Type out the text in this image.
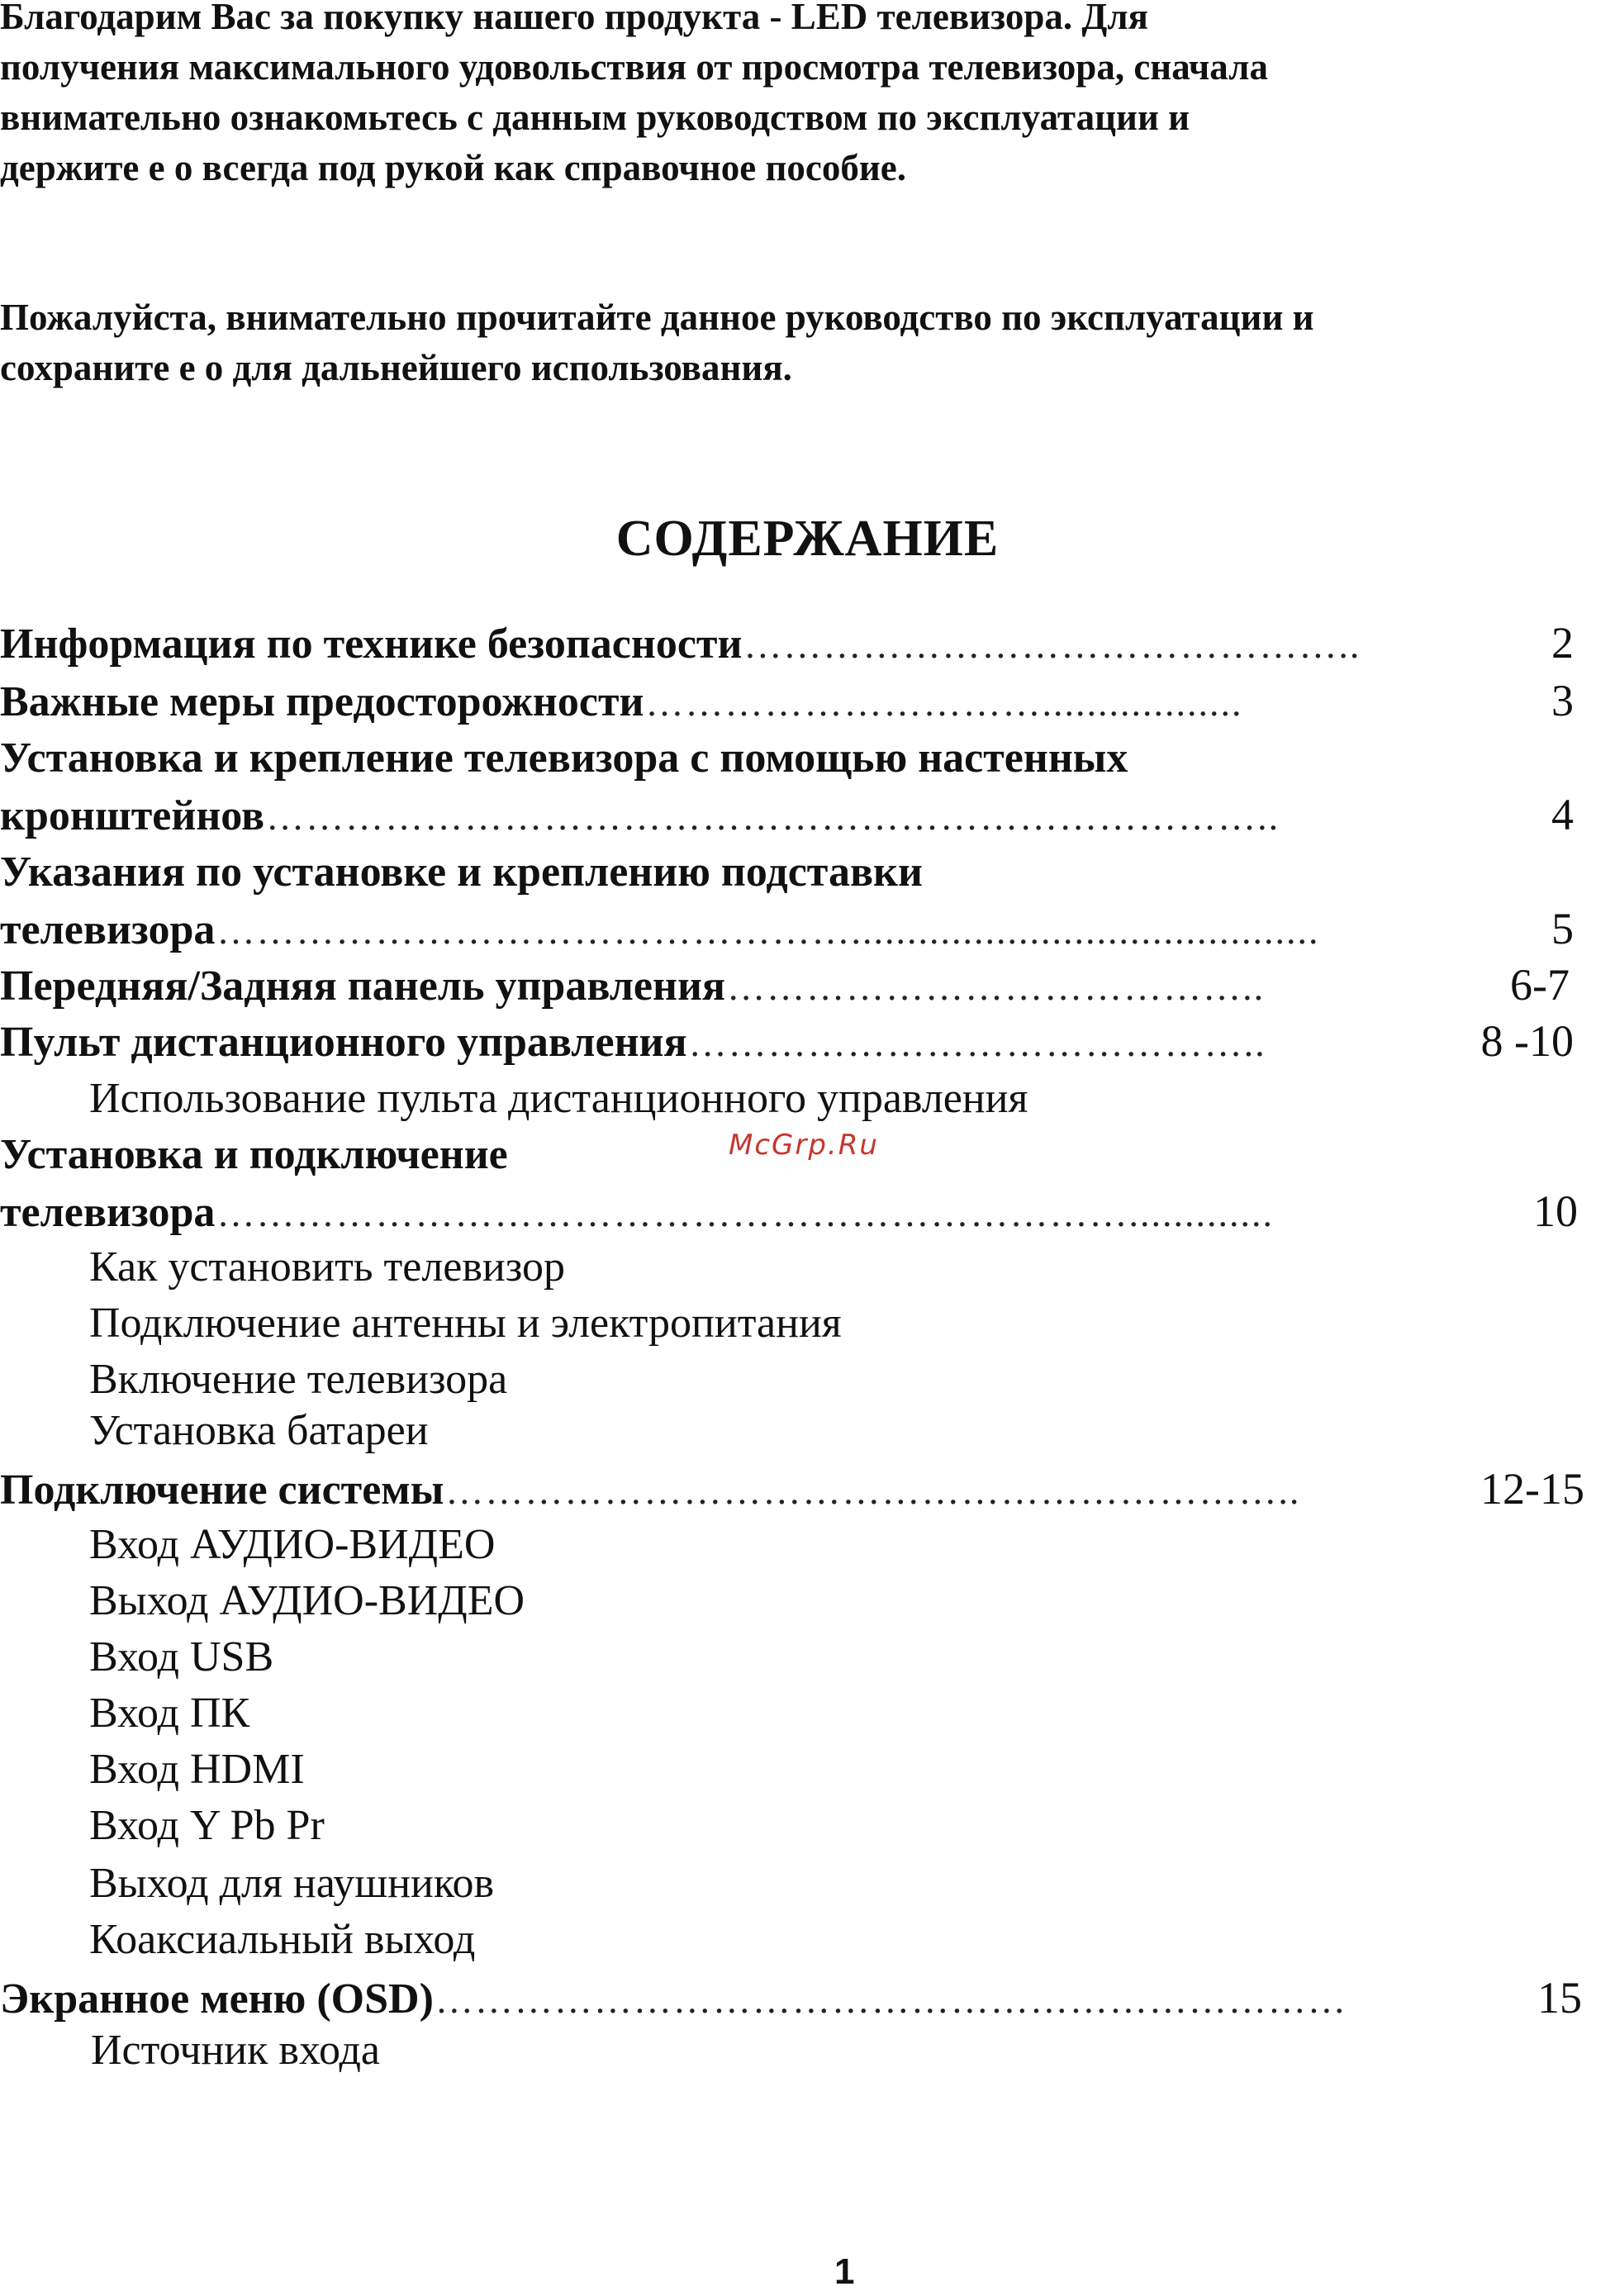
Благодарим Вас за покупку нашего продукта - LED телевизора. Для
получения максимального удовольствия от просмотра телевизора, сначала
внимательно ознакомьтесь с данным руководством по эксплуатации и
держите е о всегда под рукой как справочное пособие.
Пожалуйста, внимательно прочитайте данное руководство по эксплуатации и
сохраните е о для дальнейшего использования.
СОДЕРЖАНИЕ
Информация по технике безопасности ………………………………………..	2
Важные меры предосторожности …………………………..................	3
Установка и крепление телевизора с помощью настенных
кронштейнов …………………………………………………………………..	4
Указания по установке и креплению подставки
телевизора …………………………………………..........................................	5
Передняя/Задняя панель управления …………………………………..	6-7
Пульт дистанционного управления ……………………………………..	8 -10
Использование пульта дистанционного управления
Установка и подключение	McGrp.Ru
телевизора …………………………………………………………….............	10
Как установить телевизор
Подключение антенны и электропитания
Включение телевизора
Установка батареи
Подключение системы ………………………………………………………..	12-15
Вход АУДИО-ВИДЕО
Выход АУДИО-ВИДЕО
Вход USB
Вход ПК
Вход HDMI
Вход Y Pb Pr
Выход для наушников
Коаксиальный выход
Экранное меню (OSD) ……………………………………………………………	15
Источник входа
1
